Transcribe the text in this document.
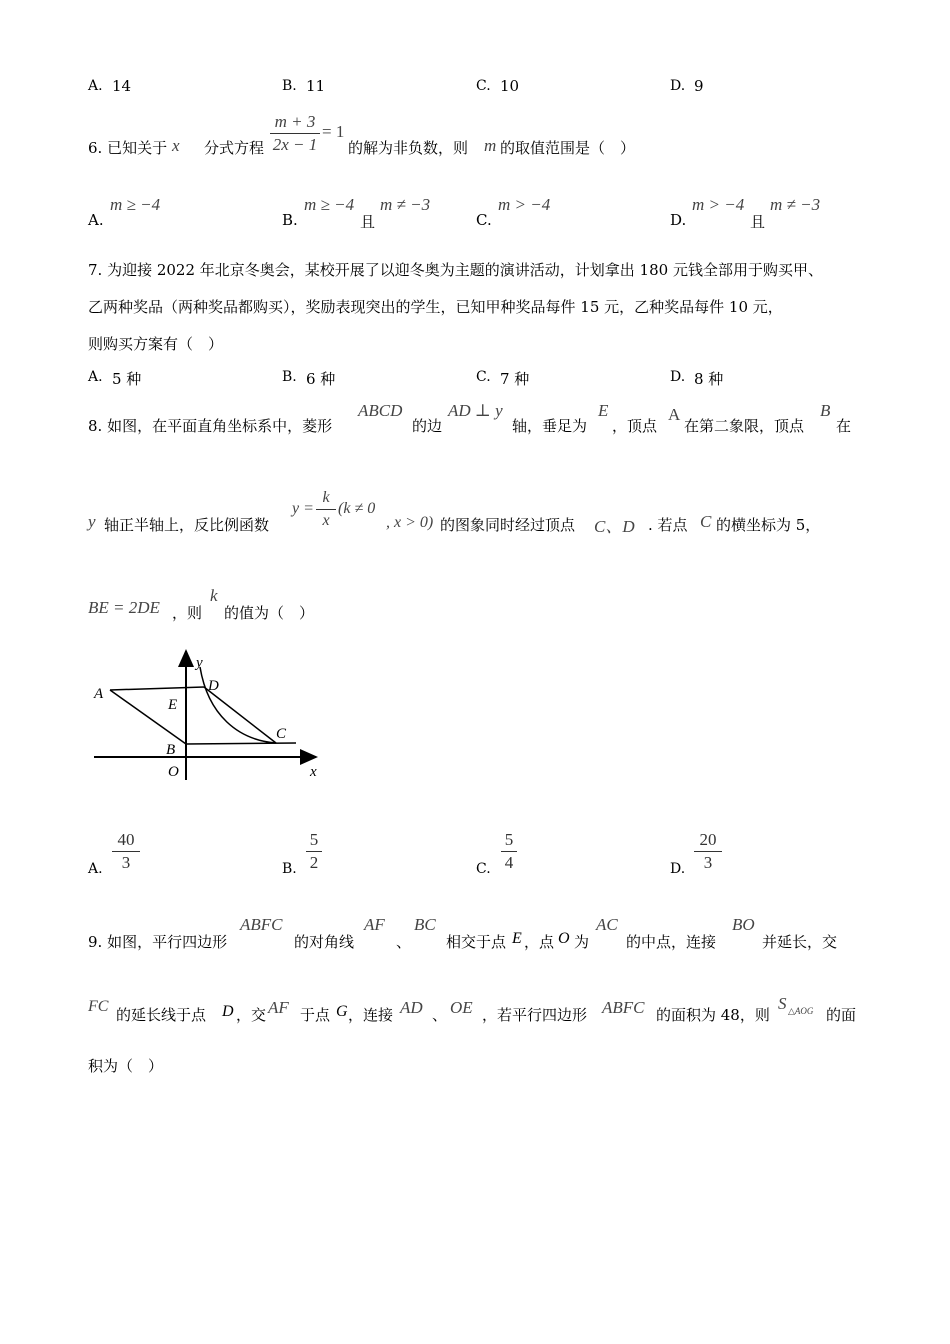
A. 14	B. 11	C. 10	D. 9
6. 已知关于 x 分式方程
m + 3
2x − 1
= 1
的解为非负数，则 m 的取值范围是（　）
A.
m ≥ −4
B.
m ≥ −4
且
m ≠ −3
C.
m > −4
D.
m > −4
且
m ≠ −3
7. 为迎接 2022 年北京冬奥会，某校开展了以迎冬奥为主题的演讲活动，计划拿出 180 元钱全部用于购买甲、
乙两种奖品（两种奖品都购买），奖励表现突出的学生，已知甲种奖品每件 15 元，乙种奖品每件 10 元，
则购买方案有（　）
A. 5 种	B. 6 种	C. 7 种	D. 8 种
8. 如图，在平面直角坐标系中，菱形
ABCD
的边
AD ⊥ y
轴，垂足为
E
，顶点
A
在第二象限，顶点
B
在
y 轴正半轴上，反比例函数
y =
k
x
(k ≠ 0
, x > 0) 的图象同时经过顶点 C、D . 若点 C 的横坐标为 5，
BE = 2DE ，则
k
的值为（　）
y
x
O
A
B
C
D
E
A.
40
3	B.
5
2	C.
5
4	D.
20
3
9. 如图，平行四边形
ABFC
的对角线
AF
、
BC
相交于点 E ，点 O 为
AC
的中点，连接
BO
并延长，交
FC 的延长线于点 D ，交 AF 于点 G ，连接 AD 、 OE ，若平行四边形 ABFC 的面积为 48，则
S △AOG 的面
积为（　）
